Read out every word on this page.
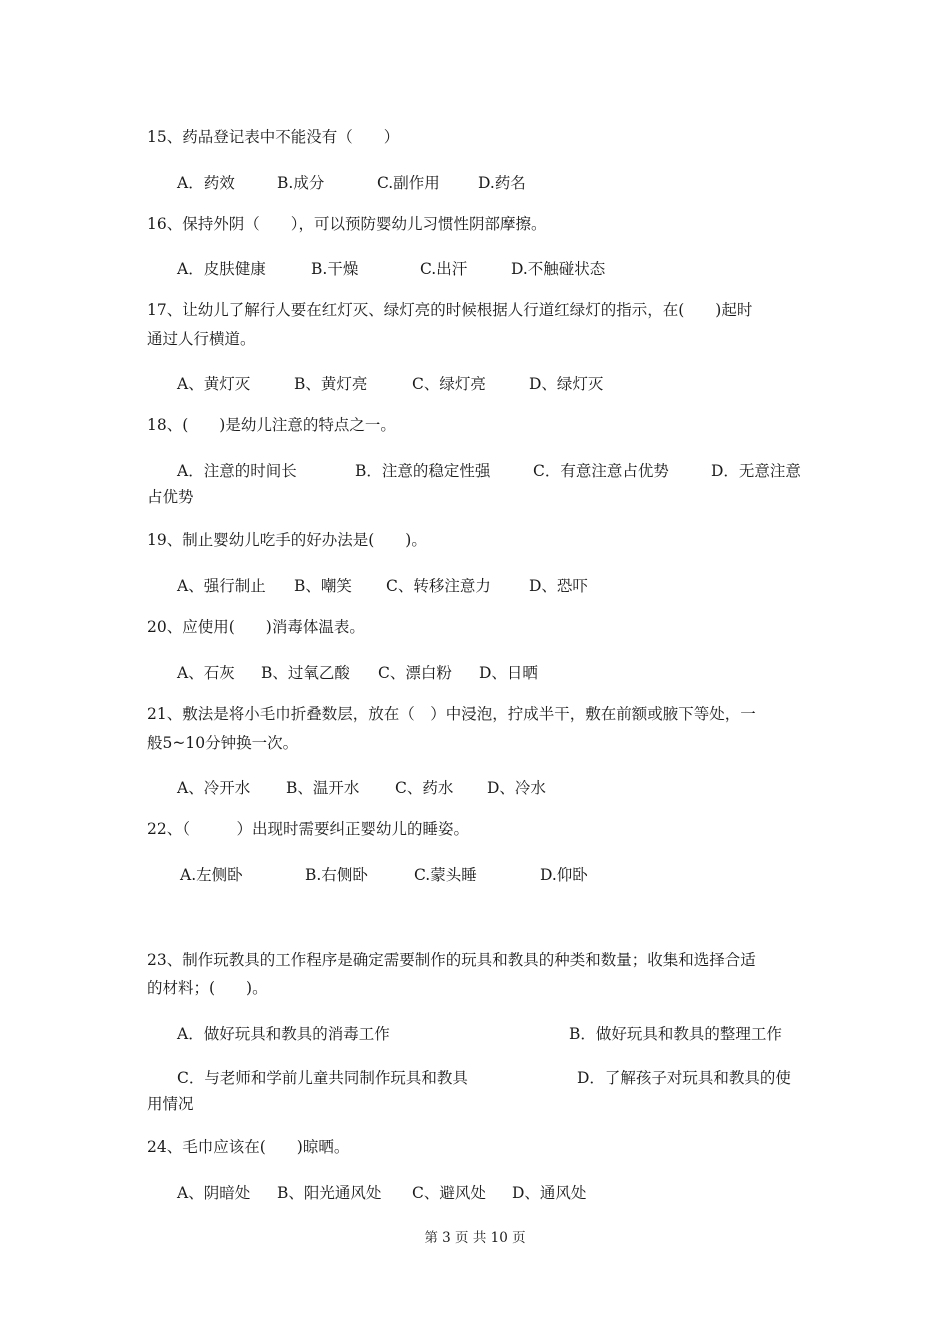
15、药品登记表中不能没有（　　）
A．药效	B.成分	C.副作用 D.药名
16、保持外阴（　　），可以预防婴幼儿习惯性阴部摩擦。
A．皮肤健康	B.干燥	C.出汗	D.不触碰状态
17、让幼儿了解行人要在红灯灭、绿灯亮的时候根据人行道红绿灯的指示，在(　　)起时
通过人行横道。
A、黄灯灭	B、黄灯亮	C、绿灯亮	D、绿灯灭
18、(　　)是幼儿注意的特点之一。
A．注意的时间长	B．注意的稳定性强	C．有意注意占优势	D．无意注意
占优势
19、制止婴幼儿吃手的好办法是(　　)。
A、强行制止 B、嘲笑 C、转移注意力 D、恐吓
20、应使用(　　)消毒体温表。
A、石灰 B、过氧乙酸 C、漂白粉 D、日晒
21、敷法是将小毛巾折叠数层，放在（　）中浸泡，拧成半干，敷在前额或腋下等处，一
般5~10分钟换一次。
A、冷开水 B、温开水 C、药水 D、冷水
22、（　　　）出现时需要纠正婴幼儿的睡姿。
A.左侧卧	B.右侧卧	C.蒙头睡	D.仰卧
23、制作玩教具的工作程序是确定需要制作的玩具和教具的种类和数量；收集和选择合适
的材料；(　　)。
A．做好玩具和教具的消毒工作	B．做好玩具和教具的整理工作
C．与老师和学前儿童共同制作玩具和教具	D．了解孩子对玩具和教具的使
用情况
24、毛巾应该在(　　)晾晒。
A、阴暗处 B、阳光通风处 C、避风处 D、通风处
第 3 页 共 10 页
